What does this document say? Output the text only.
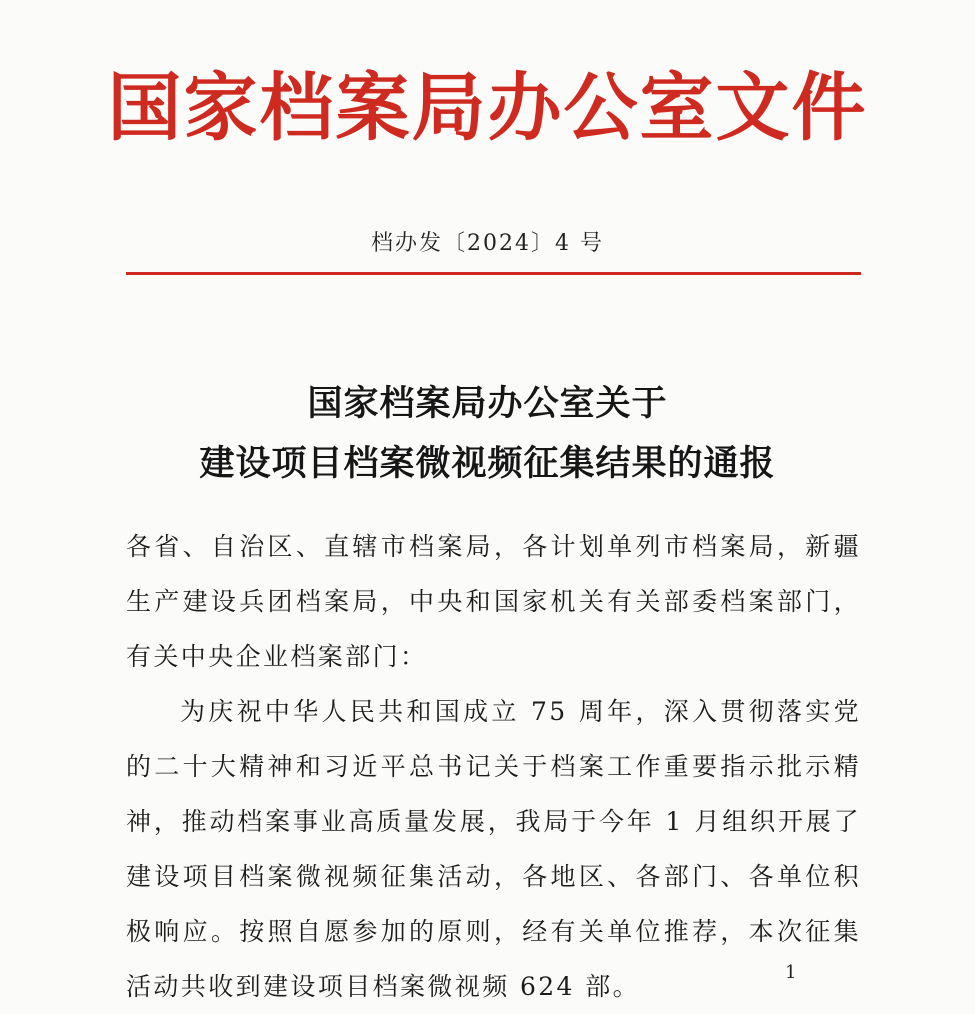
国家档案局办公室文件
档办发〔2024〕4 号
国家档案局办公室关于
建设项目档案微视频征集结果的通报

各省、自治区、直辖市档案局，各计划单列市档案局，新疆生产建设兵团档案局，中央和国家机关有关部委档案部门，有关中央企业档案部门：

为庆祝中华人民共和国成立 75 周年，深入贯彻落实党的二十大精神和习近平总书记关于档案工作重要指示批示精神，推动档案事业高质量发展，我局于今年 1 月组织开展了建设项目档案微视频征集活动，各地区、各部门、各单位积极响应。按照自愿参加的原则，经有关单位推荐，本次征集活动共收到建设项目档案微视频 624 部。	1
